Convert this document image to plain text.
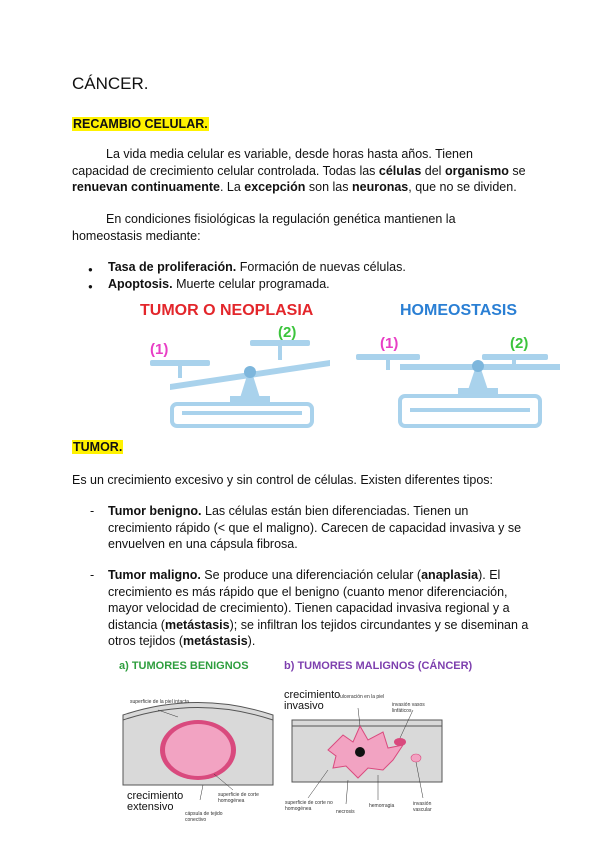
CÁNCER.
RECAMBIO CELULAR.
La vida media celular es variable, desde horas hasta años. Tienen capacidad de crecimiento celular controlada. Todas las células del organismo se renuevan continuamente. La excepción son las neuronas, que no se dividen.
En condiciones fisiológicas la regulación genética mantienen la homeostasis mediante:
● Tasa de proliferación. Formación de nuevas células.
● Apoptosis. Muerte celular programada.
TUMOR O NEOPLASIA	HOMEOSTASIS
(1)
(2)
(1)	(2)
TUMOR.
Es un crecimiento excesivo y sin control de células. Existen diferentes tipos:
- Tumor benigno. Las células están bien diferenciadas. Tienen un crecimiento rápido (< que el maligno). Carecen de capacidad invasiva y se envuelven en una cápsula fibrosa.
- Tumor maligno. Se produce una diferenciación celular (anaplasia). El crecimiento es más rápido que el benigno (cuanto menor diferenciación, mayor velocidad de crecimiento). Tienen capacidad invasiva regional y a distancia (metástasis); se infiltran los tejidos circundantes y se diseminan a otros tejidos (metástasis).
a) TUMORES BENIGNOS	b) TUMORES MALIGNOS (CÁNCER)
superficie de la piel intacta
crecimiento
extensivo
cápsula de tejido conectivo
superficie de corte homogénea
crecimiento
invasivo
ulceración en la piel
invasión vasos linfáticos
superficie de corte no homogénea	necrosis
hemorragia	invasión vascular
